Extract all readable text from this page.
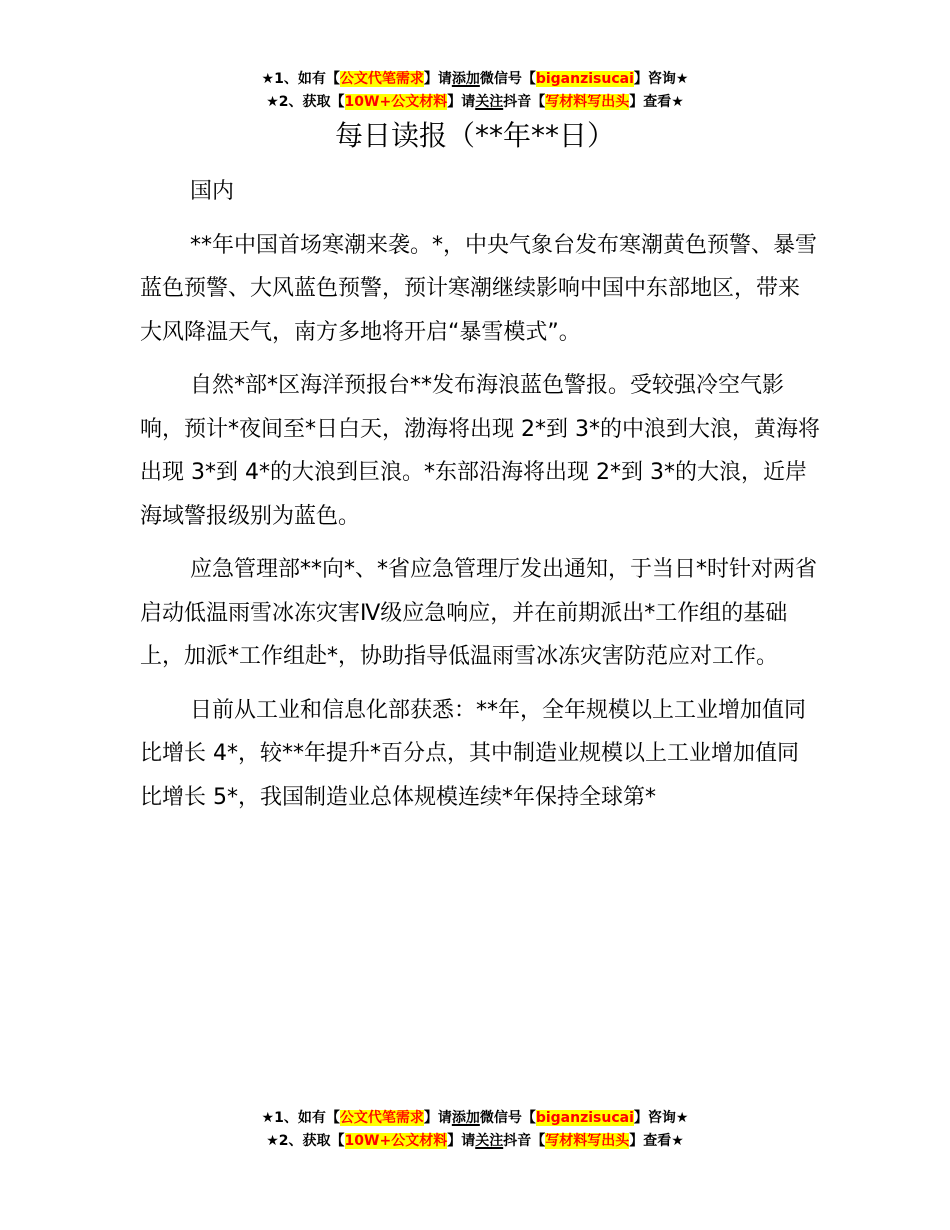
★1、如有【公文代笔需求】请添加微信号【biganzisucai】咨询★
★2、获取【10W+公文材料】请关注抖音【写材料写出头】查看★
每日读报（**年**日）

国内

**年中国首场寒潮来袭。*，中央气象台发布寒潮黄色预警、暴雪蓝色预警、大风蓝色预警，预计寒潮继续影响中国中东部地区，带来大风降温天气，南方多地将开启“暴雪模式”。

自然*部*区海洋预报台**发布海浪蓝色警报。受较强冷空气影响，预计*夜间至*日白天，渤海将出现 2*到 3*的中浪到大浪，黄海将出现 3*到 4*的大浪到巨浪。*东部沿海将出现 2*到 3*的大浪，近岸海域警报级别为蓝色。

应急管理部**向*、*省应急管理厅发出通知，于当日*时针对两省启动低温雨雪冰冻灾害Ⅳ级应急响应，并在前期派出*工作组的基础上，加派*工作组赴*，协助指导低温雨雪冰冻灾害防范应对工作。

日前从工业和信息化部获悉：**年，全年规模以上工业增加值同比增长 4*，较**年提升*百分点，其中制造业规模以上工业增加值同比增长 5*，我国制造业总体规模连续*年保持全球第*

★1、如有【公文代笔需求】请添加微信号【biganzisucai】咨询★
★2、获取【10W+公文材料】请关注抖音【写材料写出头】查看★
